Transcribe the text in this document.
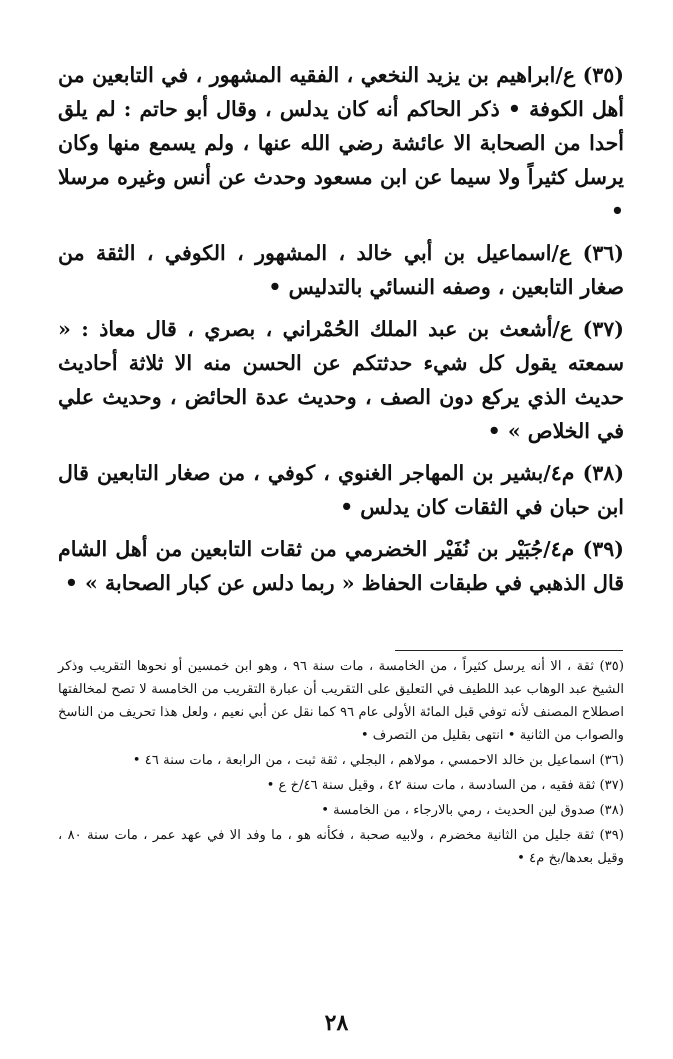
(٣٥) ع/ابراهيم بن يزيد النخعي ، الفقيه المشهور ، في التابعين من أهل الكوفة • ذكر الحاكم أنه كان يدلس ، وقال أبو حاتم : لم يلق أحدا من الصحابة الا عائشة رضي الله عنها ، ولم يسمع منها وكان يرسل كثيراً ولا سيما عن ابن مسعود وحدث عن أنس وغيره مرسلا •

(٣٦) ع/اسماعيل بن أبي خالد ، المشهور ، الكوفي ، الثقة من صغار التابعين ، وصفه النسائي بالتدليس •

(٣٧) ع/أشعث بن عبد الملك الحُمْراني ، بصري ، قال معاذ : « سمعته يقول كل شيء حدثتكم عن الحسن منه الا ثلاثة أحاديث حديث الذي يركع دون الصف ، وحديث عدة الحائض ، وحديث علي في الخلاص » •

(٣٨) م٤/بشير بن المهاجر الغنوي ، كوفي ، من صغار التابعين قال ابن حبان في الثقات كان يدلس •

(٣٩) م٤/جُبَيْر بن نُفَيْر الخضرمي من ثقات التابعين من أهل الشام قال الذهبي في طبقات الحفاظ « ربما دلس عن كبار الصحابة » •

(٣٥) ثقة ، الا أنه يرسل كثيراً ، من الخامسة ، مات سنة ٩٦ ، وهو ابن خمسين أو نحوها التقريب وذكر الشيخ عبد الوهاب عبد اللطيف في التعليق على التقريب أن عبارة التقريب من الخامسة لا تصح لمخالفتها اصطلاح المصنف لأنه توفي قبل المائة الأولى عام ٩٦ كما نقل عن أبي نعيم ، ولعل هذا تحريف من الناسخ والصواب من الثانية • انتهى بقليل من التصرف •

(٣٦) اسماعيل بن خالد الاحمسي ، مولاهم ، البجلي ، ثقة ثبت ، من الرابعة ، مات سنة ٤٦ •

(٣٧) ثقة فقيه ، من السادسة ، مات سنة ٤٢ ، وقيل سنة ٤٦/خ ع •

(٣٨) صدوق لين الحديث ، رمي بالارجاء ، من الخامسة •

(٣٩) ثقة جليل من الثانية مخضرم ، ولابيه صحبة ، فكأنه هو ، ما وفد الا في عهد عمر ، مات سنة ٨٠ ، وقيل بعدها/بخ م٤ •

٢٨
